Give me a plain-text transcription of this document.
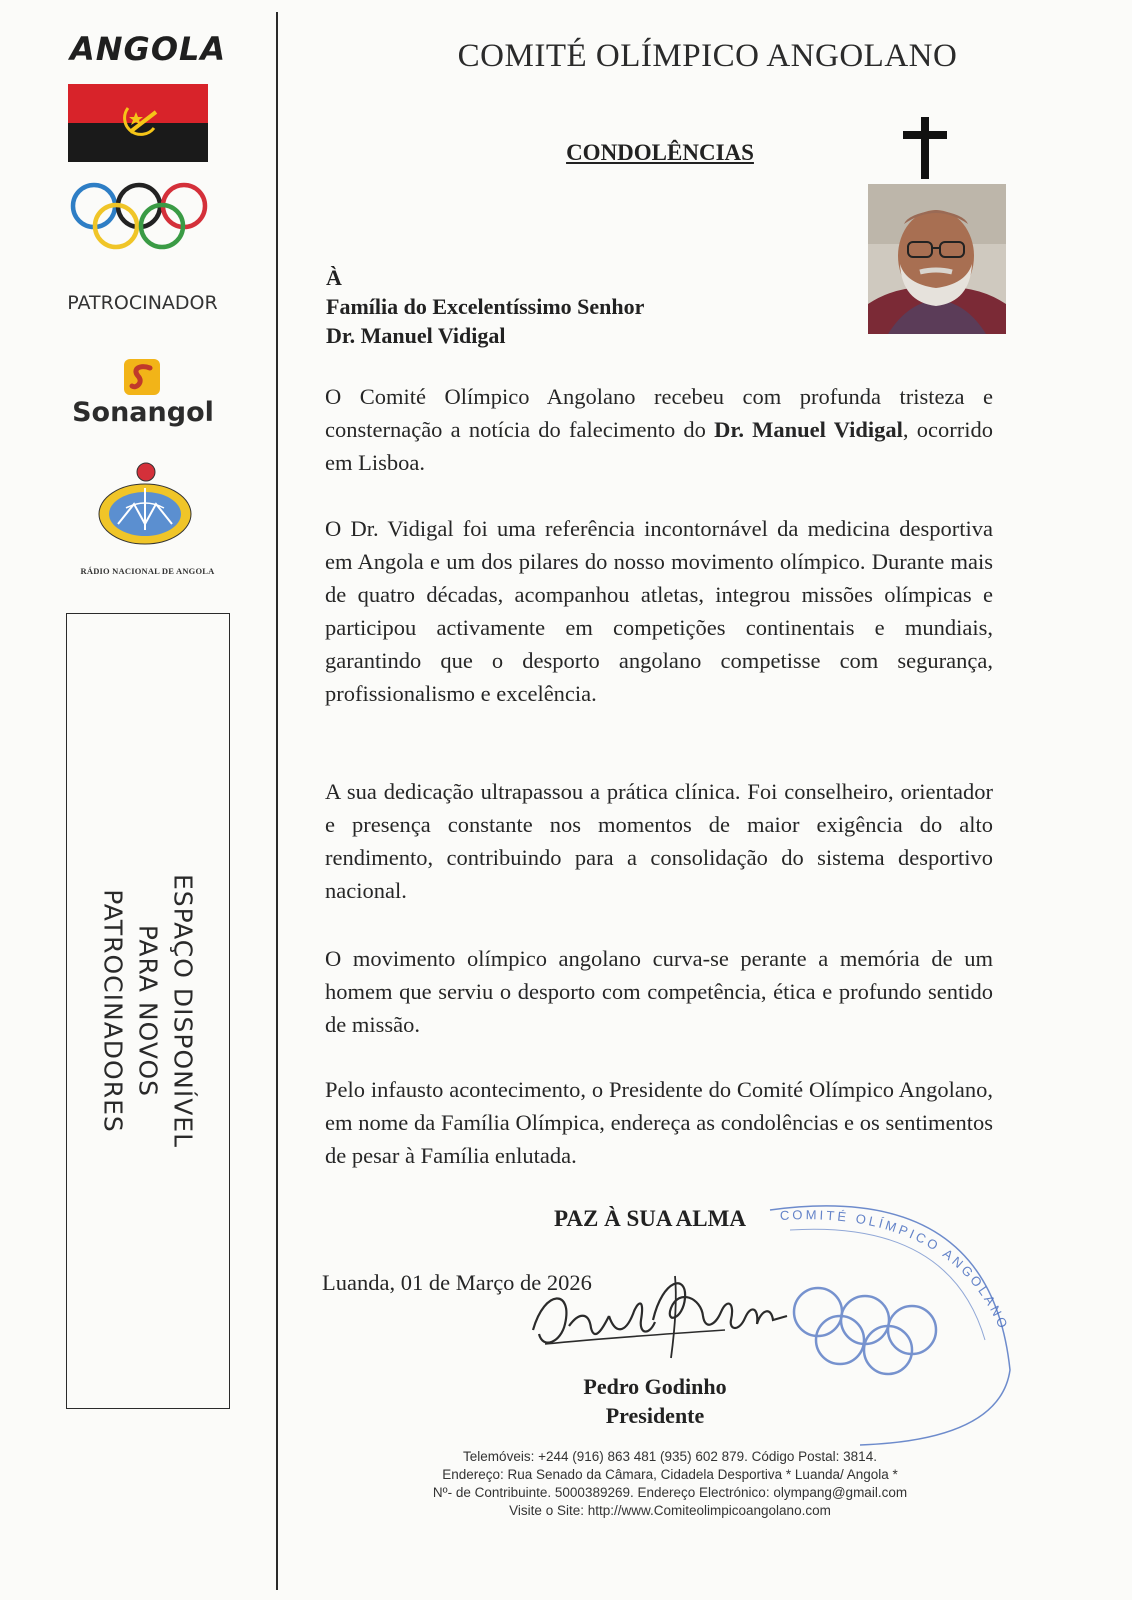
ANGOLA
PATROCINADOR
Sonangol
RÁDIO NACIONAL DE ANGOLA
ESPAÇO DISPONÍVEL
PARA NOVOS
PATROCINADORES
COMITÉ OLÍMPICO ANGOLANO
CONDOLÊNCIAS
À
Família do Excelentíssimo Senhor
Dr. Manuel Vidigal
O Comité Olímpico Angolano recebeu com profunda tristeza e consternação a notícia do falecimento do Dr. Manuel Vidigal, ocorrido em Lisboa.
O Dr. Vidigal foi uma referência incontornável da medicina desportiva em Angola e um dos pilares do nosso movimento olímpico. Durante mais de quatro décadas, acompanhou atletas, integrou missões olímpicas e participou activamente em competições continentais e mundiais, garantindo que o desporto angolano competisse com segurança, profissionalismo e excelência.
A sua dedicação ultrapassou a prática clínica. Foi conselheiro, orientador e presença constante nos momentos de maior exigência do alto rendimento, contribuindo para a consolidação do sistema desportivo nacional.
O movimento olímpico angolano curva-se perante a memória de um homem que serviu o desporto com competência, ética e profundo sentido de missão.
Pelo infausto acontecimento, o Presidente do Comité Olímpico Angolano, em nome da Família Olímpica, endereça as condolências e os sentimentos de pesar à Família enlutada.
PAZ À SUA ALMA	COMITÉ OLÍMPICO ANGOLANO
Luanda, 01 de Março de 2026
Pedro Godinho
Presidente
Telemóveis: +244 (916) 863 481 (935) 602 879. Código Postal: 3814.
Endereço: Rua Senado da Câmara, Cidadela Desportiva * Luanda/ Angola *
Nº- de Contribuinte. 5000389269. Endereço Electrónico: olympang@gmail.com
Visite o Site: http://www.Comiteolimpicoangolano.com
